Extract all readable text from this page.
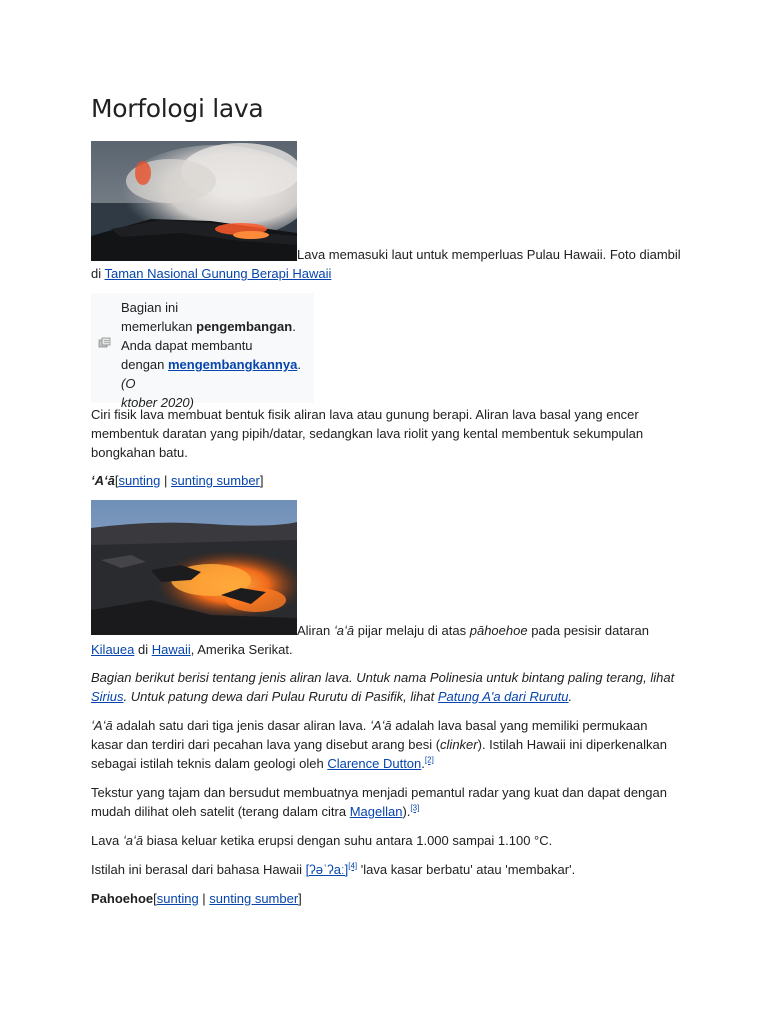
Morfologi lava
Lava memasuki laut untuk memperluas Pulau Hawaii. Foto diambil di Taman Nasional Gunung Berapi Hawaii
Bagian ini
memerlukan pengembangan.
Anda dapat membantu
dengan mengembangkannya. (O
ktober 2020)

Ciri fisik lava membuat bentuk fisik aliran lava atau gunung berapi. Aliran lava basal yang encer membentuk daratan yang pipih/datar, sedangkan lava riolit yang kental membentuk sekumpulan bongkahan batu.

ʻAʻā[sunting | sunting sumber]

Aliran ʻaʻā pijar melaju di atas pāhoehoe pada pesisir dataran Kilauea di Hawaii, Amerika Serikat.

Bagian berikut berisi tentang jenis aliran lava. Untuk nama Polinesia untuk bintang paling terang, lihat Sirius. Untuk patung dewa dari Pulau Rurutu di Pasifik, lihat Patung A'a dari Rurutu.

ʻAʻā adalah satu dari tiga jenis dasar aliran lava. ʻAʻā adalah lava basal yang memiliki permukaan kasar dan terdiri dari pecahan lava yang disebut arang besi (clinker). Istilah Hawaii ini diperkenalkan sebagai istilah teknis dalam geologi oleh Clarence Dutton.[2]

Tekstur yang tajam dan bersudut membuatnya menjadi pemantul radar yang kuat dan dapat dengan mudah dilihat oleh satelit (terang dalam citra Magellan).[3]

Lava ʻaʻā biasa keluar ketika erupsi dengan suhu antara 1.000 sampai 1.100 °C.

Istilah ini berasal dari bahasa Hawaii [ʔəˈʔaː][4] 'lava kasar berbatu' atau 'membakar'.

Pahoehoe[sunting | sunting sumber]
